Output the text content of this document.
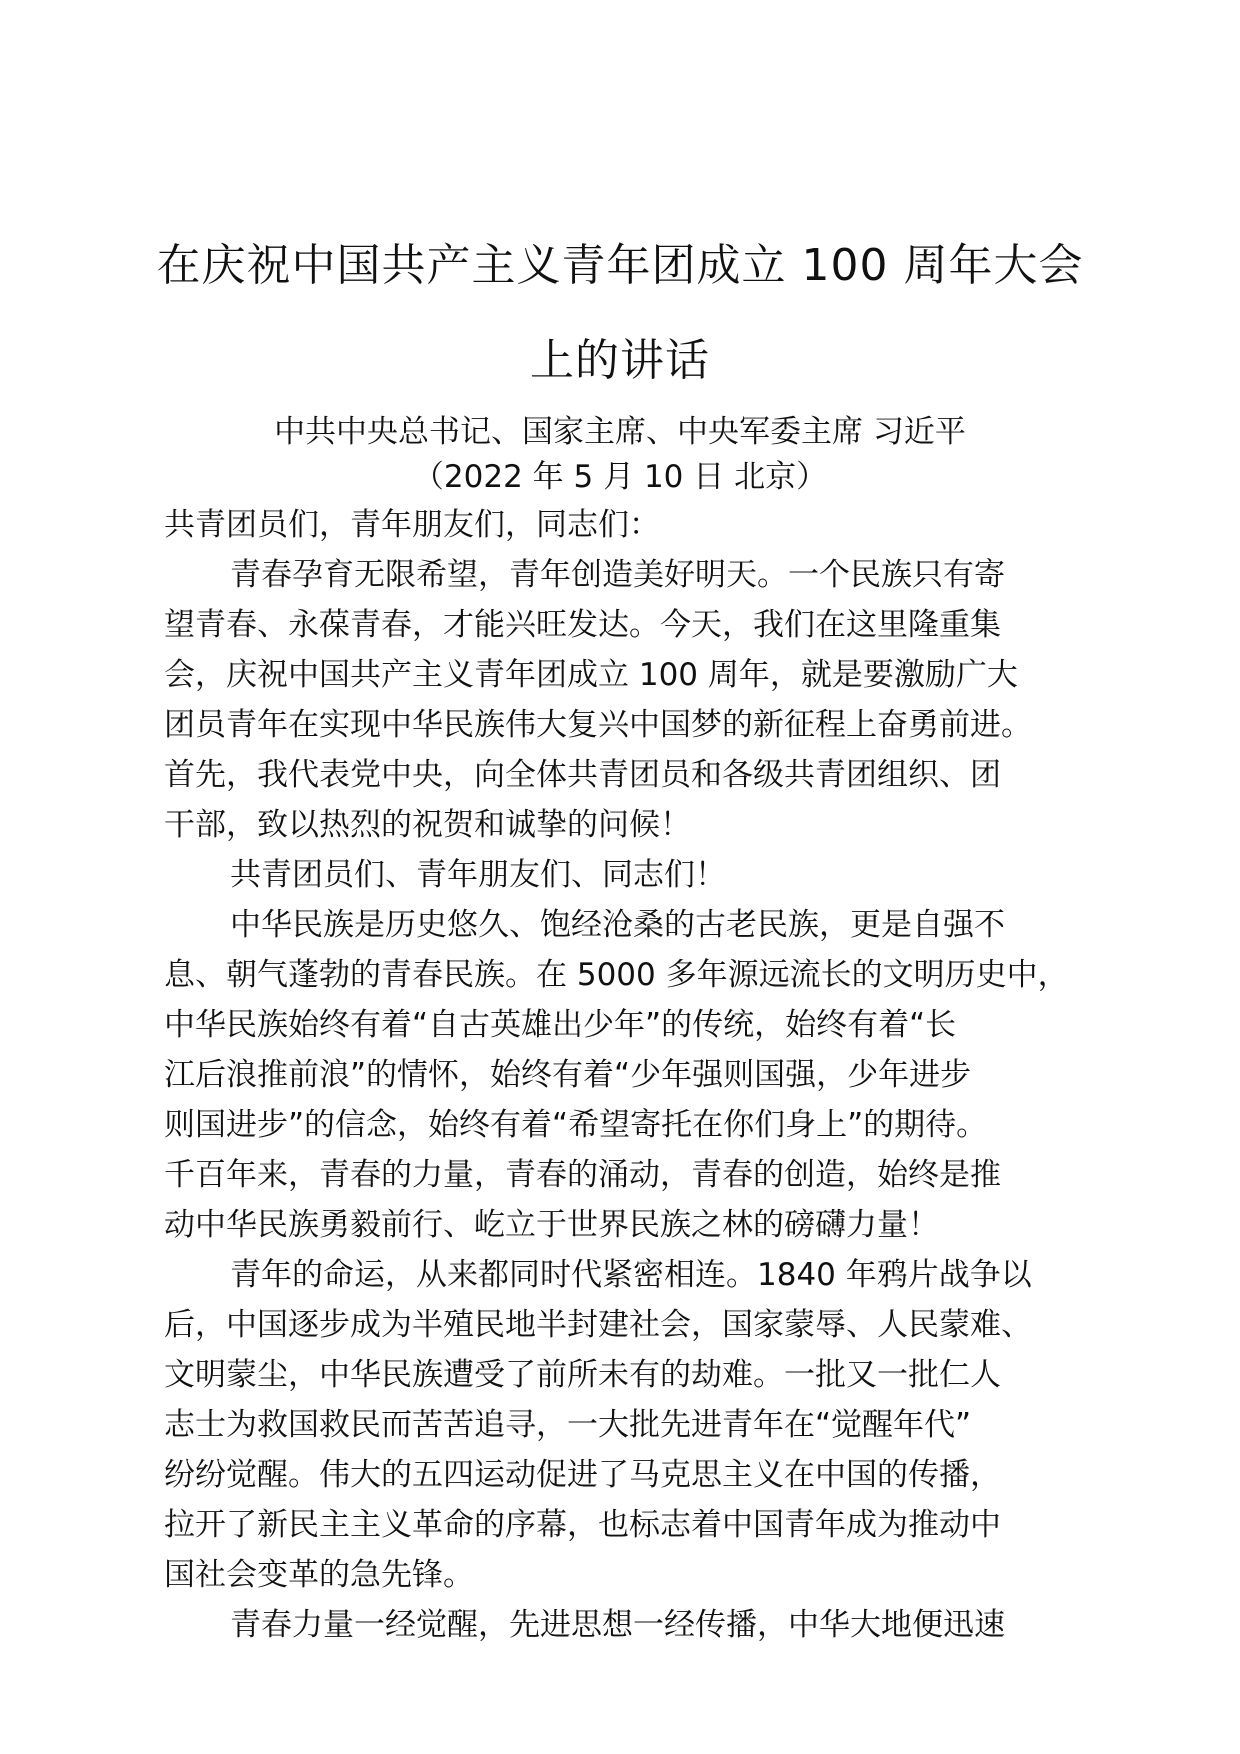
在庆祝中国共产主义青年团成立 100 周年大会
上的讲话
中共中央总书记、国家主席、中央军委主席 习近平
（2022 年 5 月 10 日 北京）
共青团员们，青年朋友们，同志们：
青春孕育无限希望，青年创造美好明天。一个民族只有寄
望青春、永葆青春，才能兴旺发达。今天，我们在这里隆重集
会，庆祝中国共产主义青年团成立 100 周年，就是要激励广大
团员青年在实现中华民族伟大复兴中国梦的新征程上奋勇前进。
首先，我代表党中央，向全体共青团员和各级共青团组织、团
干部，致以热烈的祝贺和诚挚的问候！
共青团员们、青年朋友们、同志们！
中华民族是历史悠久、饱经沧桑的古老民族，更是自强不
息、朝气蓬勃的青春民族。在 5000 多年源远流长的文明历史中，
中华民族始终有着“自古英雄出少年”的传统，始终有着“长
江后浪推前浪”的情怀，始终有着“少年强则国强，少年进步
则国进步”的信念，始终有着“希望寄托在你们身上”的期待。
千百年来，青春的力量，青春的涌动，青春的创造，始终是推
动中华民族勇毅前行、屹立于世界民族之林的磅礴力量！
青年的命运，从来都同时代紧密相连。1840 年鸦片战争以
后，中国逐步成为半殖民地半封建社会，国家蒙辱、人民蒙难、
文明蒙尘，中华民族遭受了前所未有的劫难。一批又一批仁人
志士为救国救民而苦苦追寻，一大批先进青年在“觉醒年代”
纷纷觉醒。伟大的五四运动促进了马克思主义在中国的传播，
拉开了新民主主义革命的序幕，也标志着中国青年成为推动中
国社会变革的急先锋。
青春力量一经觉醒，先进思想一经传播，中华大地便迅速
